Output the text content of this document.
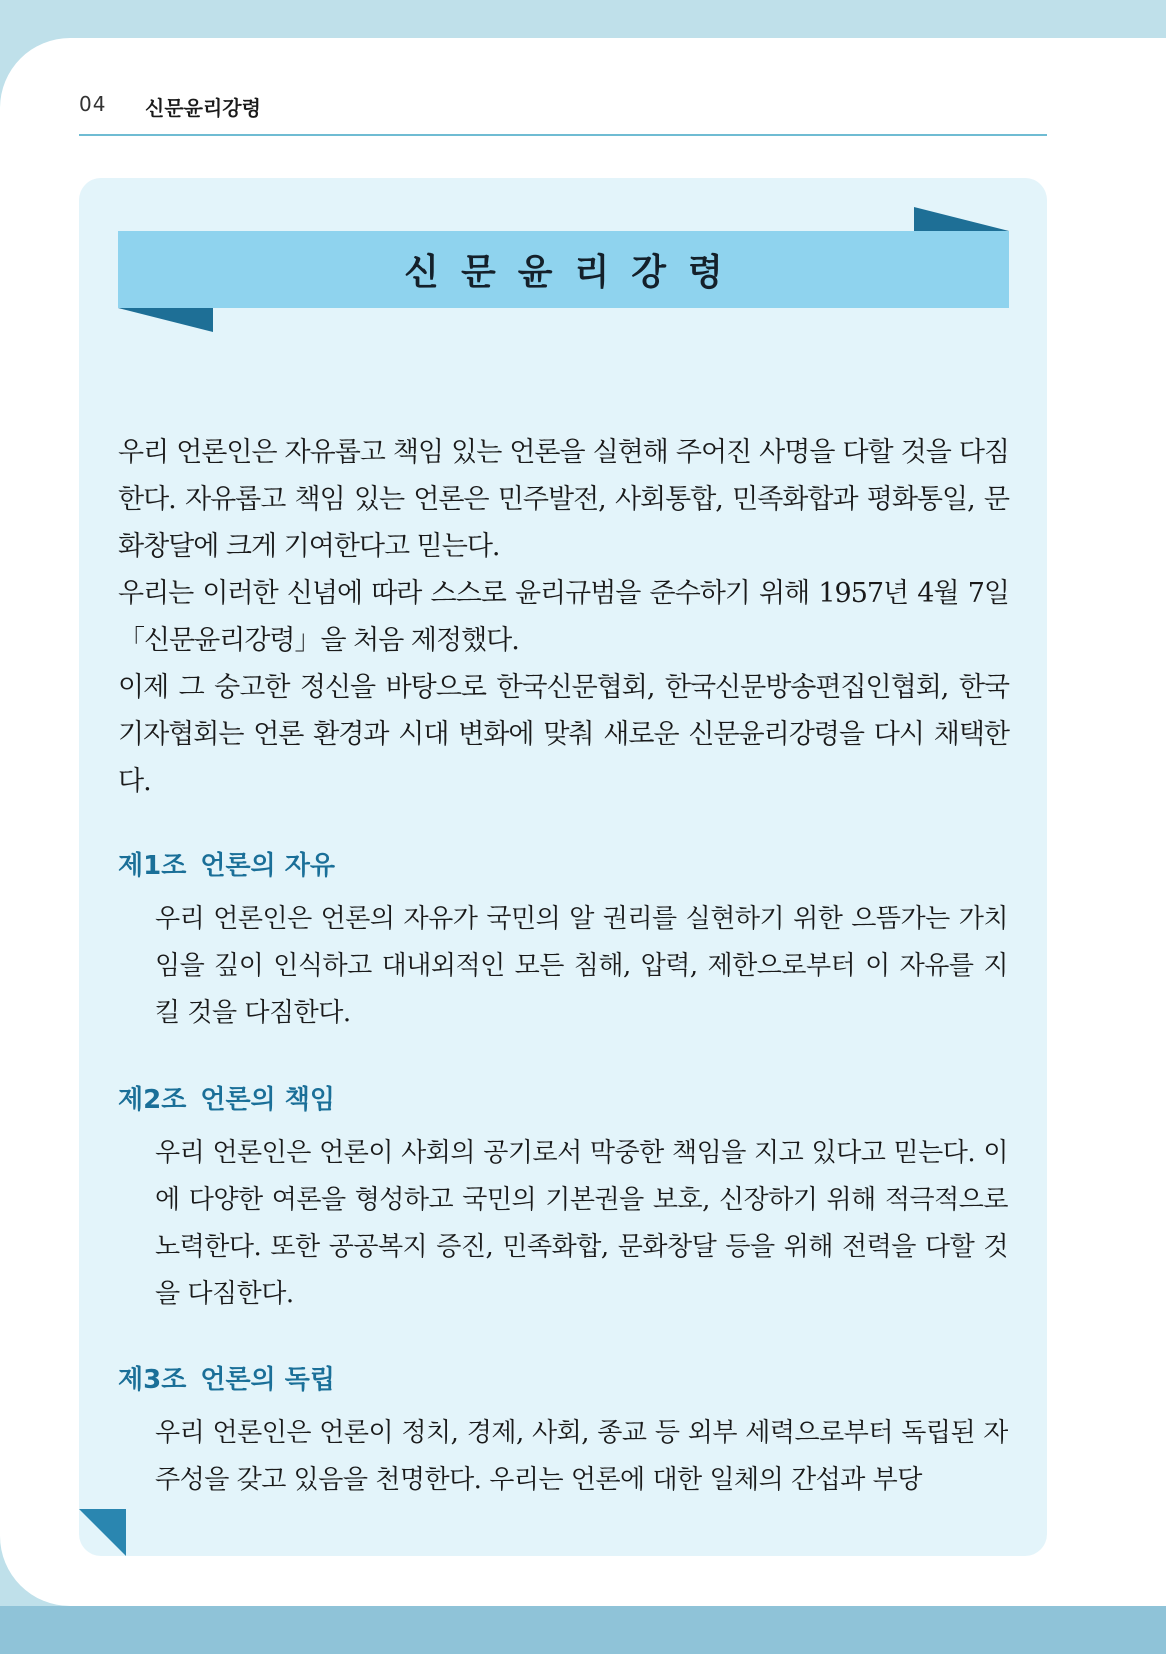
04 신문윤리강령
신문윤리강령

우리 언론인은 자유롭고 책임 있는 언론을 실현해 주어진 사명을 다할 것을 다짐한다. 자유롭고 책임 있는 언론은 민주발전, 사회통합, 민족화합과 평화통일, 문화창달에 크게 기여한다고 믿는다.

우리는 이러한 신념에 따라 스스로 윤리규범을 준수하기 위해 1957년 4월 7일 「신문윤리강령」을 처음 제정했다.

이제 그 숭고한 정신을 바탕으로 한국신문협회, 한국신문방송편집인협회, 한국기자협회는 언론 환경과 시대 변화에 맞춰 새로운 신문윤리강령을 다시 채택한다.

제1조 언론의 자유

우리 언론인은 언론의 자유가 국민의 알 권리를 실현하기 위한 으뜸가는 가치임을 깊이 인식하고 대내외적인 모든 침해, 압력, 제한으로부터 이 자유를 지킬 것을 다짐한다.

제2조 언론의 책임

우리 언론인은 언론이 사회의 공기로서 막중한 책임을 지고 있다고 믿는다. 이에 다양한 여론을 형성하고 국민의 기본권을 보호, 신장하기 위해 적극적으로 노력한다. 또한 공공복지 증진, 민족화합, 문화창달 등을 위해 전력을 다할 것을 다짐한다.

제3조 언론의 독립

우리 언론인은 언론이 정치, 경제, 사회, 종교 등 외부 세력으로부터 독립된 자주성을 갖고 있음을 천명한다. 우리는 언론에 대한 일체의 간섭과 부당
